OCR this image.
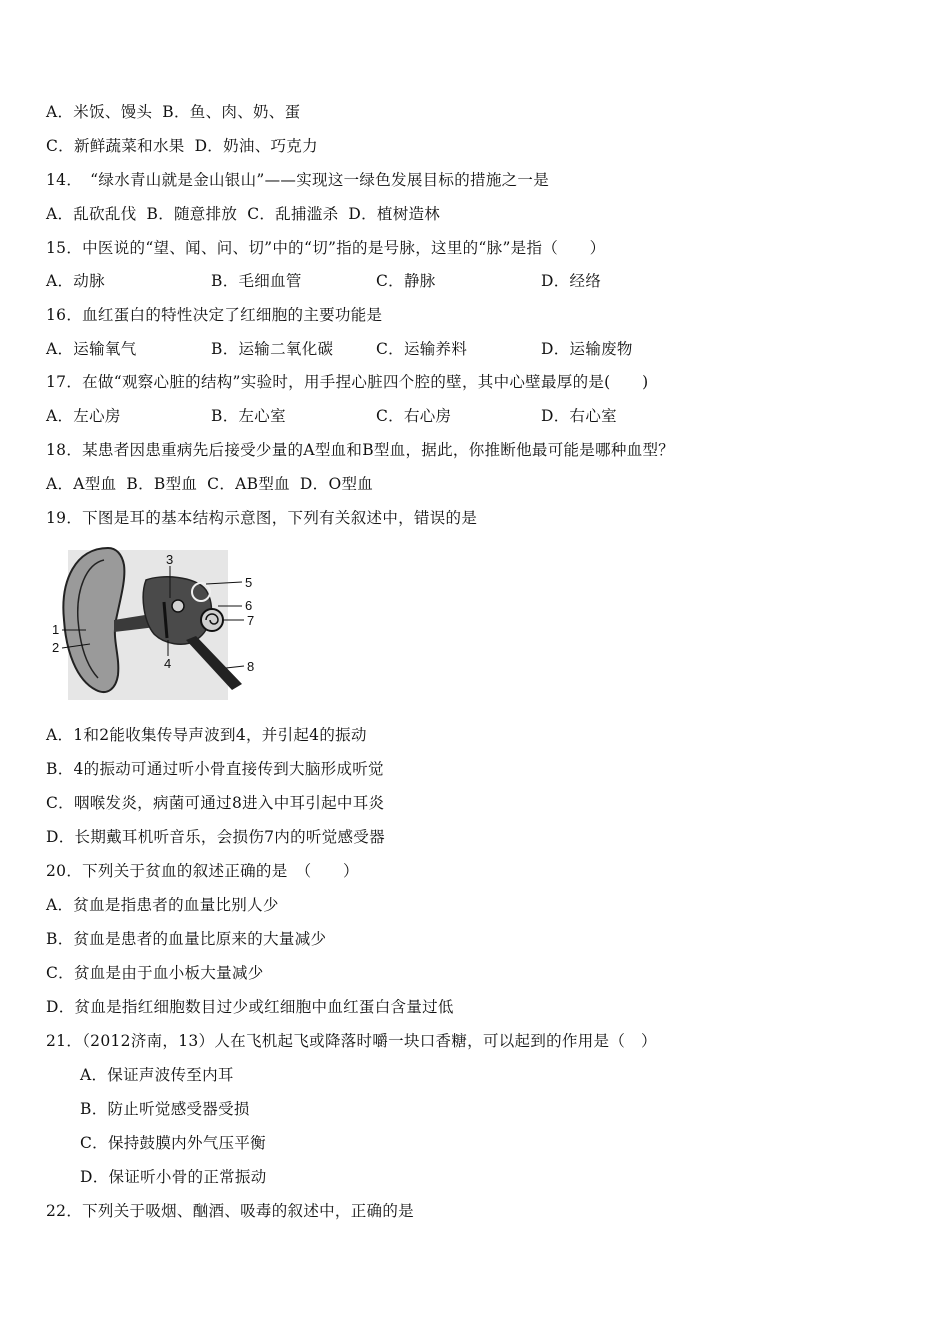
A．米饭、馒头 B．鱼、肉、奶、蛋
C．新鲜蔬菜和水果 D．奶油、巧克力
14．　“绿水青山就是金山银山”——实现这一绿色发展目标的措施之一是
A．乱砍乱伐 B．随意排放 C．乱捕滥杀 D．植树造林
15．中医说的“望、闻、问、切”中的“切”指的是号脉，这里的“脉”是指（　　）
A．动脉	B．毛细血管	C．静脉	D．经络
16．血红蛋白的特性决定了红细胞的主要功能是
A．运输氧气	B．运输二氧化碳	C．运输养料	D．运输废物
17．在做“观察心脏的结构”实验时，用手捏心脏四个腔的壁，其中心壁最厚的是(　　)
A．左心房	B．左心室	C．右心房	D．右心室
18．某患者因患重病先后接受少量的A型血和B型血，据此，你推断他最可能是哪种血型？
A．A型血 B．B型血 C．AB型血 D．O型血
19．下图是耳的基本结构示意图，下列有关叙述中，错误的是
1
2
3
4
5
6
7
8
A．1和2能收集传导声波到4，并引起4的振动
B．4的振动可通过听小骨直接传到大脑形成听觉
C．咽喉发炎，病菌可通过8进入中耳引起中耳炎
D．长期戴耳机听音乐，会损伤7内的听觉感受器
20．下列关于贫血的叙述正确的是　（　　）
A．贫血是指患者的血量比别人少
B．贫血是患者的血量比原来的大量减少
C．贫血是由于血小板大量减少
D．贫血是指红细胞数目过少或红细胞中血红蛋白含量过低
21．（2012济南，13）人在飞机起飞或降落时嚼一块口香糖，可以起到的作用是（　）
A．保证声波传至内耳
B．防止听觉感受器受损
C．保持鼓膜内外气压平衡
D．保证听小骨的正常振动
22．下列关于吸烟、酗酒、吸毒的叙述中，正确的是
